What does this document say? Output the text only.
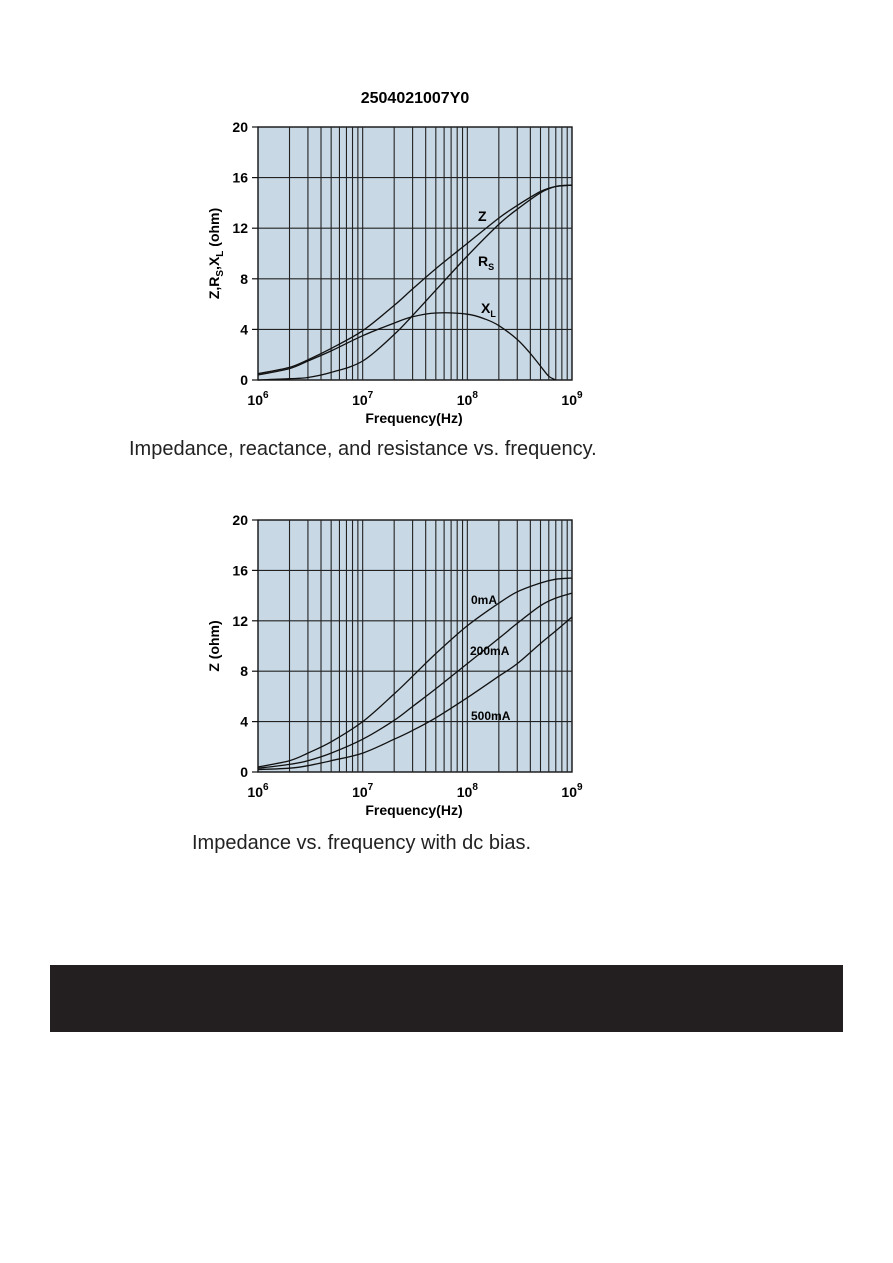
2504021007Y0
$10^6$	$10^7$	$10^8$	$10^9$
0
4
8
12
16
20
Frequency(Hz)
$Z,R_S,X_L$ (ohm)	Z
$R_S$
$X_L$
Impedance, reactance, and resistance vs. frequency.
$10^6$	$10^7$	$10^8$	$10^9$
0
4
8
12
16
20
Frequency(Hz)
Z (ohm)
0mA
200mA
500mA
Impedance vs. frequency with dc bias.
